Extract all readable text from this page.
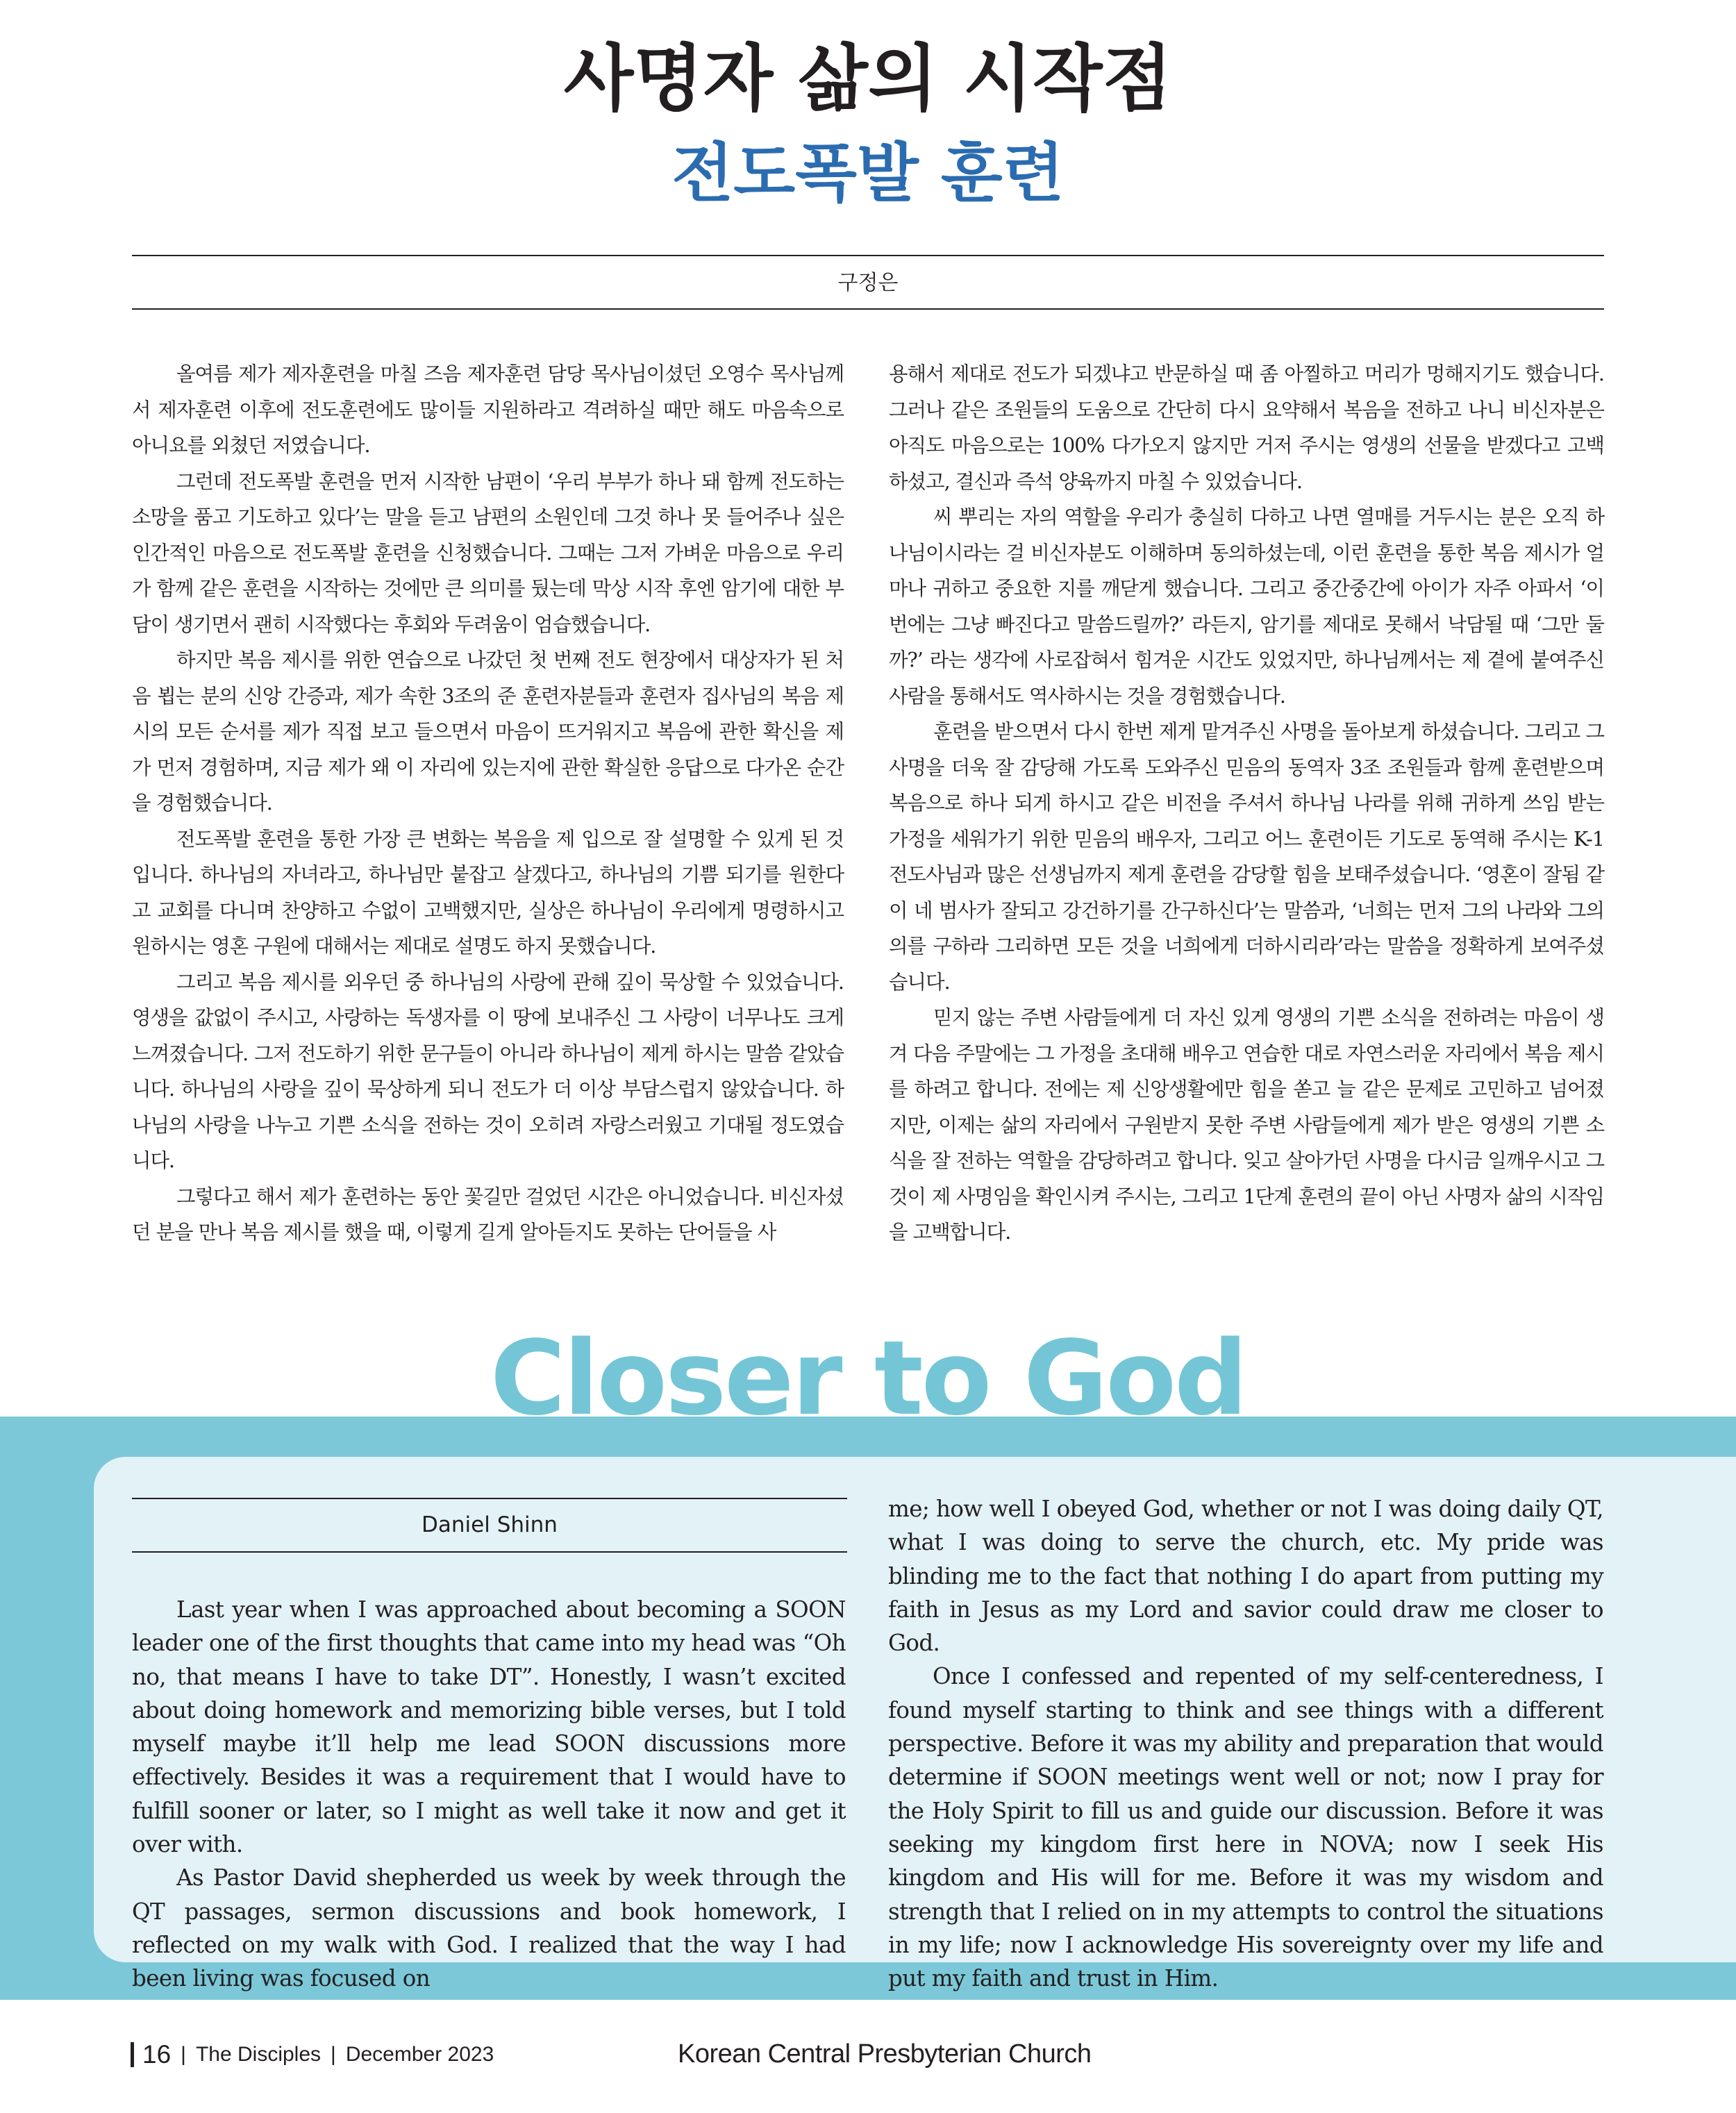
사명자 삶의 시작점
전도폭발 훈련
구정은

올여름 제가 제자훈련을 마칠 즈음 제자훈련 담당 목사님이셨던 오영수 목사님께서 제자훈련 이후에 전도훈련에도 많이들 지원하라고 격려하실 때만 해도 마음속으로 아니요를 외쳤던 저였습니다.

그런데 전도폭발 훈련을 먼저 시작한 남편이 ‘우리 부부가 하나 돼 함께 전도하는 소망을 품고 기도하고 있다’는 말을 듣고 남편의 소원인데 그것 하나 못 들어주나 싶은 인간적인 마음으로 전도폭발 훈련을 신청했습니다. 그때는 그저 가벼운 마음으로 우리가 함께 같은 훈련을 시작하는 것에만 큰 의미를 뒀는데 막상 시작 후엔 암기에 대한 부담이 생기면서 괜히 시작했다는 후회와 두려움이 엄습했습니다.

하지만 복음 제시를 위한 연습으로 나갔던 첫 번째 전도 현장에서 대상자가 된 처음 뵙는 분의 신앙 간증과, 제가 속한 3조의 준 훈련자분들과 훈련자 집사님의 복음 제시의 모든 순서를 제가 직접 보고 들으면서 마음이 뜨거워지고 복음에 관한 확신을 제가 먼저 경험하며, 지금 제가 왜 이 자리에 있는지에 관한 확실한 응답으로 다가온 순간을 경험했습니다.

전도폭발 훈련을 통한 가장 큰 변화는 복음을 제 입으로 잘 설명할 수 있게 된 것입니다. 하나님의 자녀라고, 하나님만 붙잡고 살겠다고, 하나님의 기쁨 되기를 원한다고 교회를 다니며 찬양하고 수없이 고백했지만, 실상은 하나님이 우리에게 명령하시고 원하시는 영혼 구원에 대해서는 제대로 설명도 하지 못했습니다.

그리고 복음 제시를 외우던 중 하나님의 사랑에 관해 깊이 묵상할 수 있었습니다. 영생을 값없이 주시고, 사랑하는 독생자를 이 땅에 보내주신 그 사랑이 너무나도 크게 느껴졌습니다. 그저 전도하기 위한 문구들이 아니라 하나님이 제게 하시는 말씀 같았습니다. 하나님의 사랑을 깊이 묵상하게 되니 전도가 더 이상 부담스럽지 않았습니다. 하나님의 사랑을 나누고 기쁜 소식을 전하는 것이 오히려 자랑스러웠고 기대될 정도였습니다.

그렇다고 해서 제가 훈련하는 동안 꽃길만 걸었던 시간은 아니었습니다. 비신자셨던 분을 만나 복음 제시를 했을 때, 이렇게 길게 알아듣지도 못하는 단어들을 사

용해서 제대로 전도가 되겠냐고 반문하실 때 좀 아찔하고 머리가 멍해지기도 했습니다. 그러나 같은 조원들의 도움으로 간단히 다시 요약해서 복음을 전하고 나니 비신자분은 아직도 마음으로는 100% 다가오지 않지만 거저 주시는 영생의 선물을 받겠다고 고백하셨고, 결신과 즉석 양육까지 마칠 수 있었습니다.

씨 뿌리는 자의 역할을 우리가 충실히 다하고 나면 열매를 거두시는 분은 오직 하나님이시라는 걸 비신자분도 이해하며 동의하셨는데, 이런 훈련을 통한 복음 제시가 얼마나 귀하고 중요한 지를 깨닫게 했습니다. 그리고 중간중간에 아이가 자주 아파서 ‘이번에는 그냥 빠진다고 말씀드릴까?’ 라든지, 암기를 제대로 못해서 낙담될 때 ‘그만 둘까?’ 라는 생각에 사로잡혀서 힘겨운 시간도 있었지만, 하나님께서는 제 곁에 붙여주신 사람을 통해서도 역사하시는 것을 경험했습니다.

훈련을 받으면서 다시 한번 제게 맡겨주신 사명을 돌아보게 하셨습니다. 그리고 그 사명을 더욱 잘 감당해 가도록 도와주신 믿음의 동역자 3조 조원들과 함께 훈련받으며 복음으로 하나 되게 하시고 같은 비전을 주셔서 하나님 나라를 위해 귀하게 쓰임 받는 가정을 세워가기 위한 믿음의 배우자, 그리고 어느 훈련이든 기도로 동역해 주시는 K-1 전도사님과 많은 선생님까지 제게 훈련을 감당할 힘을 보태주셨습니다. ‘영혼이 잘됨 같이 네 범사가 잘되고 강건하기를 간구하신다’는 말씀과, ‘너희는 먼저 그의 나라와 그의 의를 구하라 그리하면 모든 것을 너희에게 더하시리라’라는 말씀을 정확하게 보여주셨습니다.

믿지 않는 주변 사람들에게 더 자신 있게 영생의 기쁜 소식을 전하려는 마음이 생겨 다음 주말에는 그 가정을 초대해 배우고 연습한 대로 자연스러운 자리에서 복음 제시를 하려고 합니다. 전에는 제 신앙생활에만 힘을 쏟고 늘 같은 문제로 고민하고 넘어졌지만, 이제는 삶의 자리에서 구원받지 못한 주변 사람들에게 제가 받은 영생의 기쁜 소식을 잘 전하는 역할을 감당하려고 합니다. 잊고 살아가던 사명을 다시금 일깨우시고 그것이 제 사명임을 확인시켜 주시는, 그리고 1단계 훈련의 끝이 아닌 사명자 삶의 시작임을 고백합니다.

Closer to God
Daniel Shinn

Last year when I was approached about becoming a SOON leader one of the first thoughts that came into my head was “Oh no, that means I have to take DT”. Honestly, I wasn’t excited about doing homework and memorizing bible verses, but I told myself maybe it’ll help me lead SOON discussions more effectively. Besides it was a requirement that I would have to fulfill sooner or later, so I might as well take it now and get it over with.

As Pastor David shepherded us week by week through the QT passages, sermon discussions and book homework, I reflected on my walk with God. I realized that the way I had been living was focused on

me; how well I obeyed God, whether or not I was doing daily QT, what I was doing to serve the church, etc. My pride was blinding me to the fact that nothing I do apart from putting my faith in Jesus as my Lord and savior could draw me closer to God.

Once I confessed and repented of my self-centeredness, I found myself starting to think and see things with a different perspective. Before it was my ability and preparation that would determine if SOON meetings went well or not; now I pray for the Holy Spirit to fill us and guide our discussion. Before it was seeking my kingdom first here in NOVA; now I seek His kingdom and His will for me. Before it was my wisdom and strength that I relied on in my attempts to control the situations in my life; now I acknowledge His sovereignty over my life and put my faith and trust in Him.

16 | The Disciples | December 2023	Korean Central Presbyterian Church
